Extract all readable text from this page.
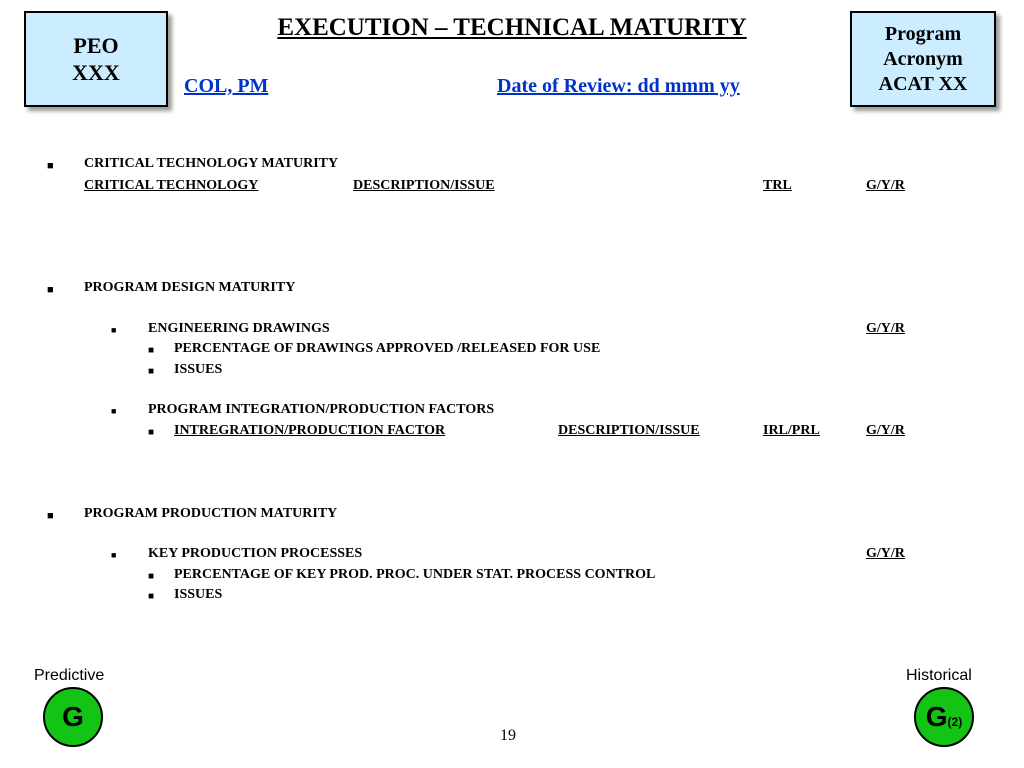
PEO
XXX
EXECUTION – TECHNICAL MATURITY
COL, PM	Date of Review: dd mmm yy
Program
Acronym
ACAT XX
■ CRITICAL TECHNOLOGY MATURITY
CRITICAL TECHNOLOGY	DESCRIPTION/ISSUE	TRL	G/Y/R
■ PROGRAM DESIGN MATURITY
■ ENGINEERING DRAWINGS	G/Y/R
■ PERCENTAGE OF DRAWINGS APPROVED /RELEASED FOR USE
■ ISSUES
■ PROGRAM INTEGRATION/PRODUCTION FACTORS
■ INTREGRATION/PRODUCTION FACTOR	DESCRIPTION/ISSUE	IRL/PRL	G/Y/R
■ PROGRAM PRODUCTION MATURITY
■ KEY PRODUCTION PROCESSES	G/Y/R
■ PERCENTAGE OF KEY PROD. PROC. UNDER STAT. PROCESS CONTROL
■ ISSUES
Predictive
G
Historical
G (2)
19
